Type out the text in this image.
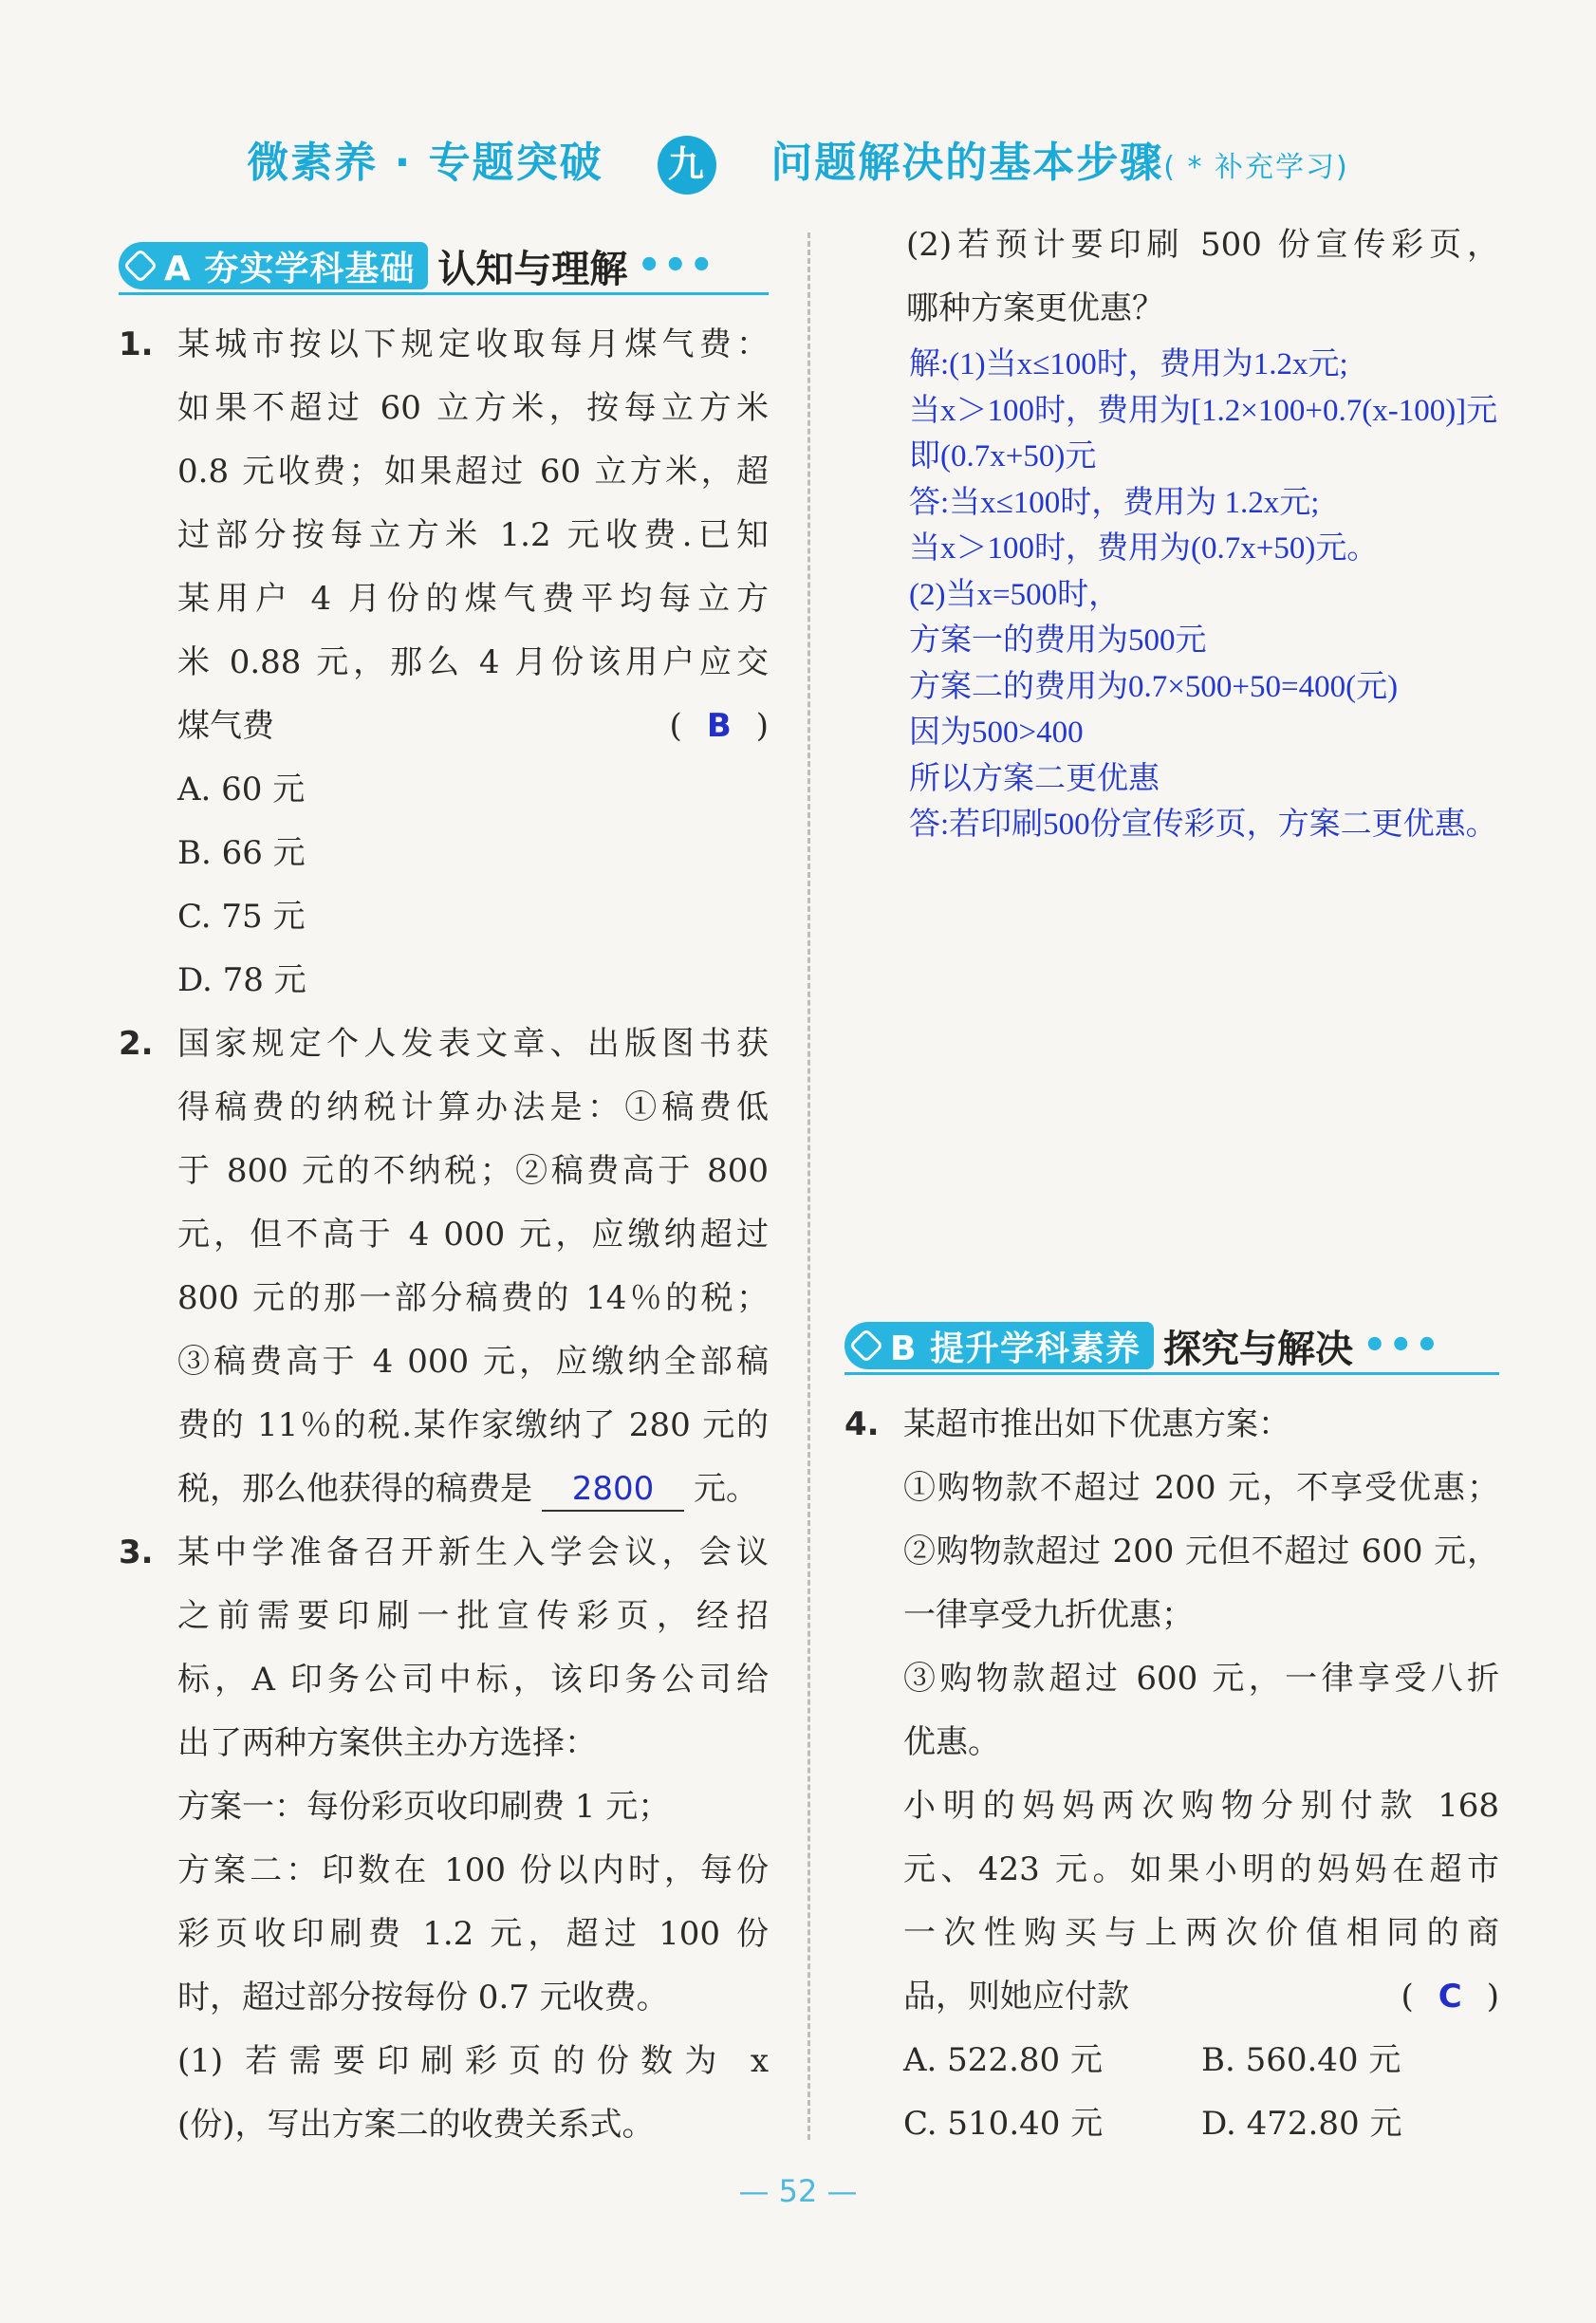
微素养 · 专题突破 九 问题解决的基本步骤( * 补充学习)
A 夯实学科基础 认知与理解 •••
1. 某城市按以下规定收取每月煤气费：
如果不超过 60 立方米，按每立方米
0.8 元收费；如果超过 60 立方米，超
过部分按每立方米 1.2 元收费.已知
某用户 4 月份的煤气费平均每立方
米 0.88 元，那么 4 月份该用户应交
煤气费	( B )
A. 60 元
B. 66 元
C. 75 元
D. 78 元
2. 国家规定个人发表文章、出版图书获
得稿费的纳税计算办法是：①稿费低
于 800 元的不纳税；②稿费高于 800
元，但不高于 4 000 元，应缴纳超过
800 元的那一部分稿费的 14％的税；
③稿费高于 4 000 元，应缴纳全部稿
费的 11％的税.某作家缴纳了 280 元的
税，那么他获得的稿费是 2800 元。
3. 某中学准备召开新生入学会议，会议
之前需要印刷一批宣传彩页，经招
标，A 印务公司中标，该印务公司给
出了两种方案供主办方选择：
方案一：每份彩页收印刷费 1 元；
方案二：印数在 100 份以内时，每份
彩页收印刷费 1.2 元，超过 100 份
时，超过部分按每份 0.7 元收费。
(1) 若需要印刷彩页的份数为 x
(份)，写出方案二的收费关系式。
(2)若预计要印刷 500 份宣传彩页，
哪种方案更优惠？
解:(1)当x≤100时，费用为1.2x元;
当x＞100时，费用为[1.2×100+0.7(x-100)]元
即(0.7x+50)元
答:当x≤100时，费用为 1.2x元;
当x＞100时，费用为(0.7x+50)元。
(2)当x=500时，
方案一的费用为500元
方案二的费用为0.7×500+50=400(元)
因为500>400
所以方案二更优惠
答:若印刷500份宣传彩页，方案二更优惠。
B 提升学科素养 探究与解决 •••
4. 某超市推出如下优惠方案：
①购物款不超过 200 元，不享受优惠；
②购物款超过 200 元但不超过 600 元，
一律享受九折优惠；
③购物款超过 600 元，一律享受八折
优惠。
小明的妈妈两次购物分别付款 168
元、423 元。如果小明的妈妈在超市
一次性购买与上两次价值相同的商
品，则她应付款	( C )
A. 522.80 元	B. 560.40 元
C. 510.40 元	D. 472.80 元
— 52 —
